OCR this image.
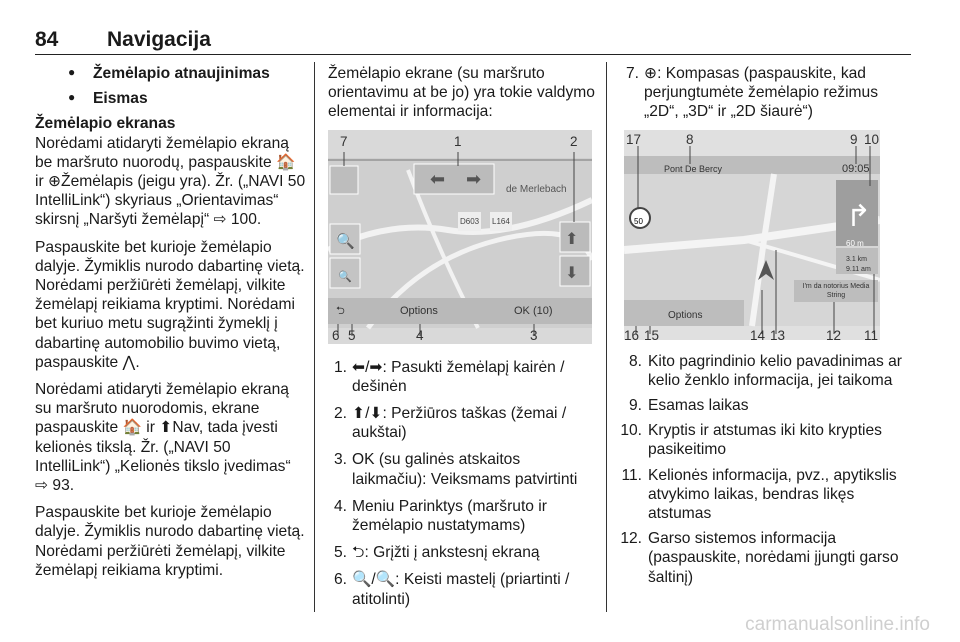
84 Navigacija
● Žemėlapio atnaujinimas
● Eismas
Žemėlapio ekranas

Norėdami atidaryti žemėlapio ekraną be maršruto nuorodų, paspauskite 🏠 ir ⊕Žemėlapis (jeigu yra). Žr. („NAVI 50 IntelliLink“) skyriaus „Orientavimas“ skirsnį „Naršyti žemėlapį“ ⇨ 100.

Paspauskite bet kurioje žemėlapio dalyje. Žymiklis nurodo dabartinę vietą. Norėdami peržiūrėti žemėlapį, vilkite žemėlapį reikiama kryptimi. Norėdami bet kuriuo metu sugrąžinti žymeklį į dabartinę automobilio buvimo vietą, paspauskite ⋀.

Norėdami atidaryti žemėlapio ekraną su maršruto nuorodomis, ekrane paspauskite 🏠 ir ⬆Nav, tada įvesti kelionės tikslą. Žr. („NAVI 50 IntelliLink“) „Kelionės tikslo įvedimas“ ⇨ 93.

Paspauskite bet kurioje žemėlapio dalyje. Žymiklis nurodo dabartinę vietą. Norėdami peržiūrėti žemėlapį, vilkite žemėlapį reikiama kryptimi.

Žemėlapio ekrane (su maršruto orientavimu at be jo) yra tokie valdymo elementai ir informacija:

⬅ ➡
⬆
⬇
🔍
🔍
7	1	2
6 5	4	3
de Merlebach
D603 L164
⮌	Options	OK (10)
1. ⬅/➡: Pasukti žemėlapį kairėn / dešinėn
2. ⬆/⬇: Peržiūros taškas (žemai / aukštai)
3. OK (su galinės atskaitos laikmačiu): Veiksmams patvirtinti
4. Meniu Parinktys (maršruto ir žemėlapio nustatymams)
5. ⮌: Grįžti į ankstesnį ekraną
6. 🔍/🔍: Keisti mastelį (priartinti / atitolinti)
7. ⊕: Kompasas (paspauskite, kad perjungtumėte žemėlapio režimus „2D“, „3D“ ir „2D šiaurė“)
↱
17	8	9 10
16 15	14 13	12 11
Pont De Bercy	09:05
50
60 m
3.1 km
9.11 am
I'm da notorius Media String
Options
8. Kito pagrindinio kelio pavadinimas ar kelio ženklo informacija, jei taikoma
9. Esamas laikas
10. Kryptis ir atstumas iki kito krypties pasikeitimo
11. Kelionės informacija, pvz., apytikslis atvykimo laikas, bendras likęs atstumas
12. Garso sistemos informacija (paspauskite, norėdami įjungti garso šaltinį)
carmanualsonline.info
